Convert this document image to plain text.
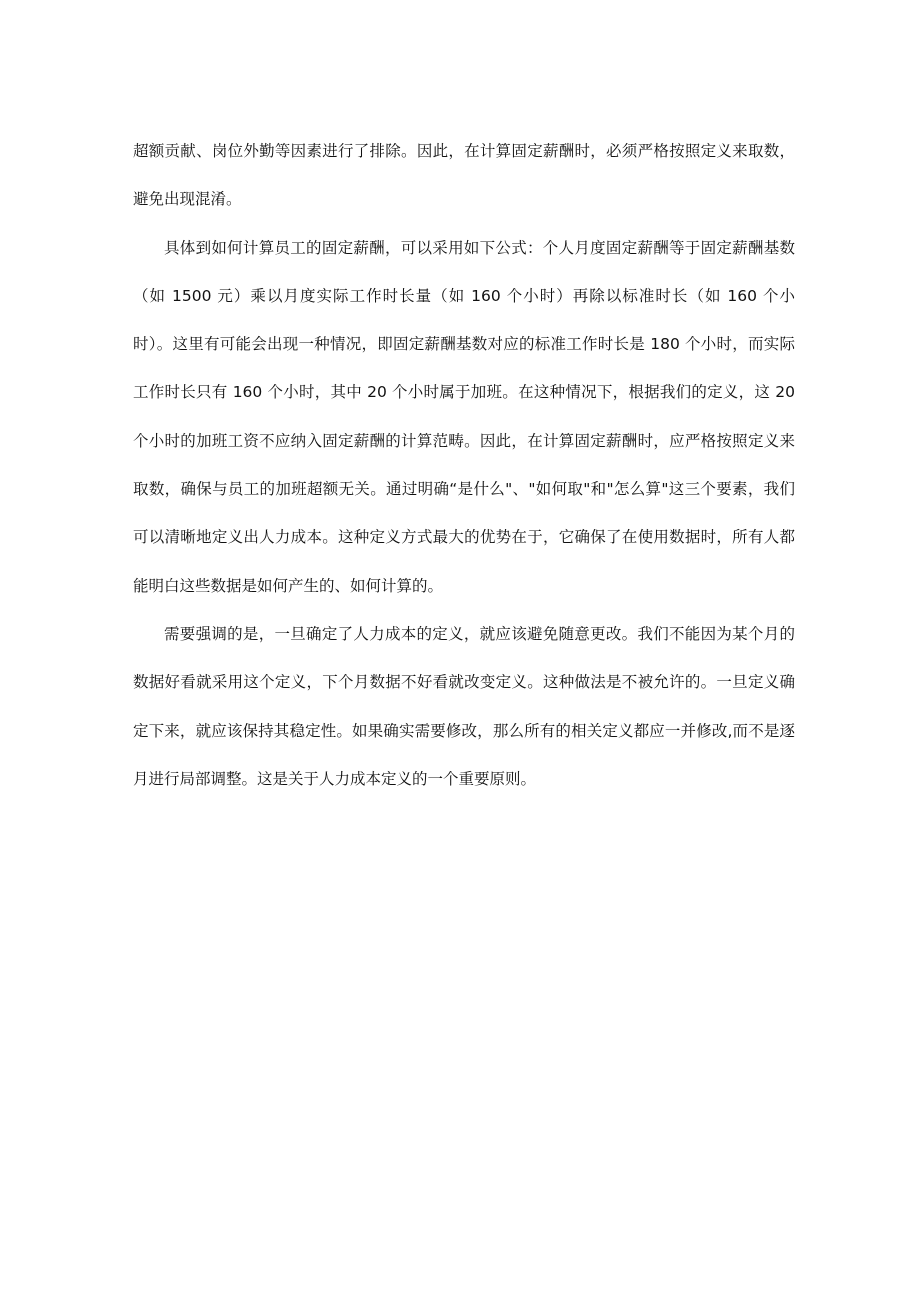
超额贡献、岗位外勤等因素进行了排除。因此，在计算固定薪酬时，必须严格按照定义来取数，避免出现混淆。

具体到如何计算员工的固定薪酬，可以采用如下公式：个人月度固定薪酬等于固定薪酬基数（如 1500 元）乘以月度实际工作时长量（如 160 个小时）再除以标准时长（如 160 个小时）。这里有可能会出现一种情况，即固定薪酬基数对应的标准工作时长是 180 个小时，而实际工作时长只有 160 个小时，其中 20 个小时属于加班。在这种情况下，根据我们的定义，这 20 个小时的加班工资不应纳入固定薪酬的计算范畴。因此，在计算固定薪酬时，应严格按照定义来取数，确保与员工的加班超额无关。通过明确“是什么"、"如何取"和"怎么算"这三个要素，我们可以清晰地定义出人力成本。这种定义方式最大的优势在于，它确保了在使用数据时，所有人都能明白这些数据是如何产生的、如何计算的。

需要强调的是，一旦确定了人力成本的定义，就应该避免随意更改。我们不能因为某个月的数据好看就采用这个定义，下个月数据不好看就改变定义。这种做法是不被允许的。一旦定义确定下来，就应该保持其稳定性。如果确实需要修改，那么所有的相关定义都应一并修改,而不是逐月进行局部调整。这是关于人力成本定义的一个重要原则。
